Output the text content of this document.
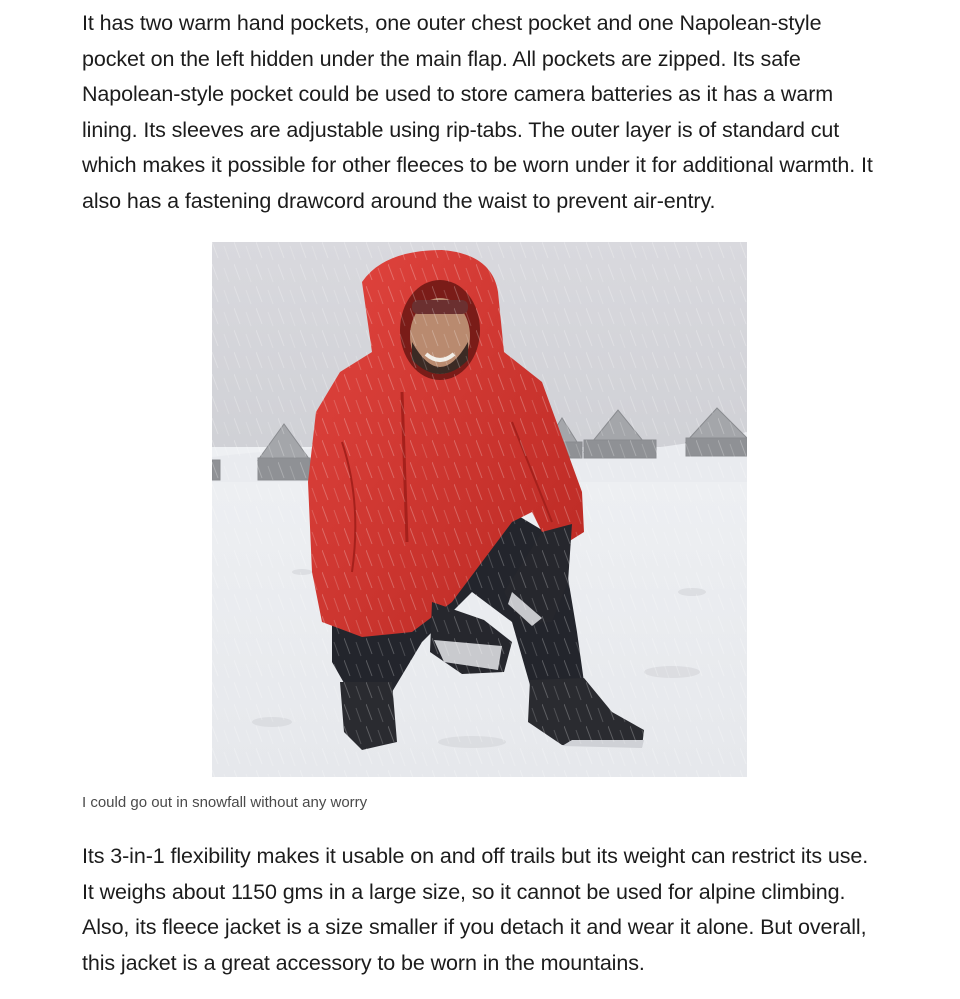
It has two warm hand pockets, one outer chest pocket and one Napolean-style pocket on the left hidden under the main flap. All pockets are zipped. Its safe Napolean-style pocket could be used to store camera batteries as it has a warm lining. Its sleeves are adjustable using rip-tabs. The outer layer is of standard cut which makes it possible for other fleeces to be worn under it for additional warmth. It also has a fastening drawcord around the waist to prevent air-entry.

I could go out in snowfall without any worry

Its 3-in-1 flexibility makes it usable on and off trails but its weight can restrict its use. It weighs about 1150 gms in a large size, so it cannot be used for alpine climbing. Also, its fleece jacket is a size smaller if you detach it and wear it alone. But overall, this jacket is a great accessory to be worn in the mountains.
